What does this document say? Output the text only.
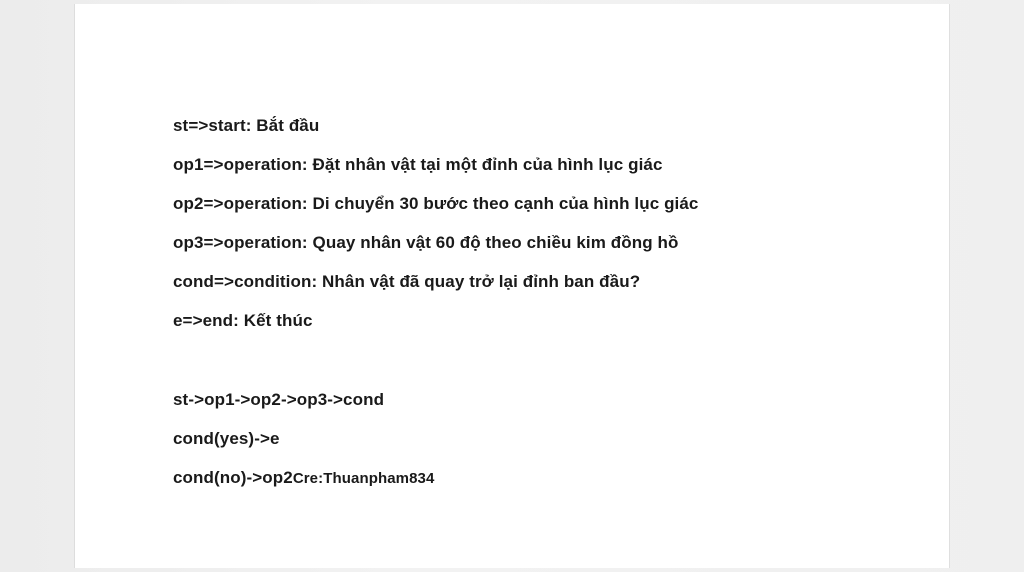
st=>start: Bắt đầu
op1=>operation: Đặt nhân vật tại một đỉnh của hình lục giác
op2=>operation: Di chuyển 30 bước theo cạnh của hình lục giác
op3=>operation: Quay nhân vật 60 độ theo chiều kim đồng hồ
cond=>condition: Nhân vật đã quay trở lại đỉnh ban đầu?
e=>end: Kết thúc
st->op1->op2->op3->cond
cond(yes)->e
cond(no)->op2Cre:Thuanpham834
